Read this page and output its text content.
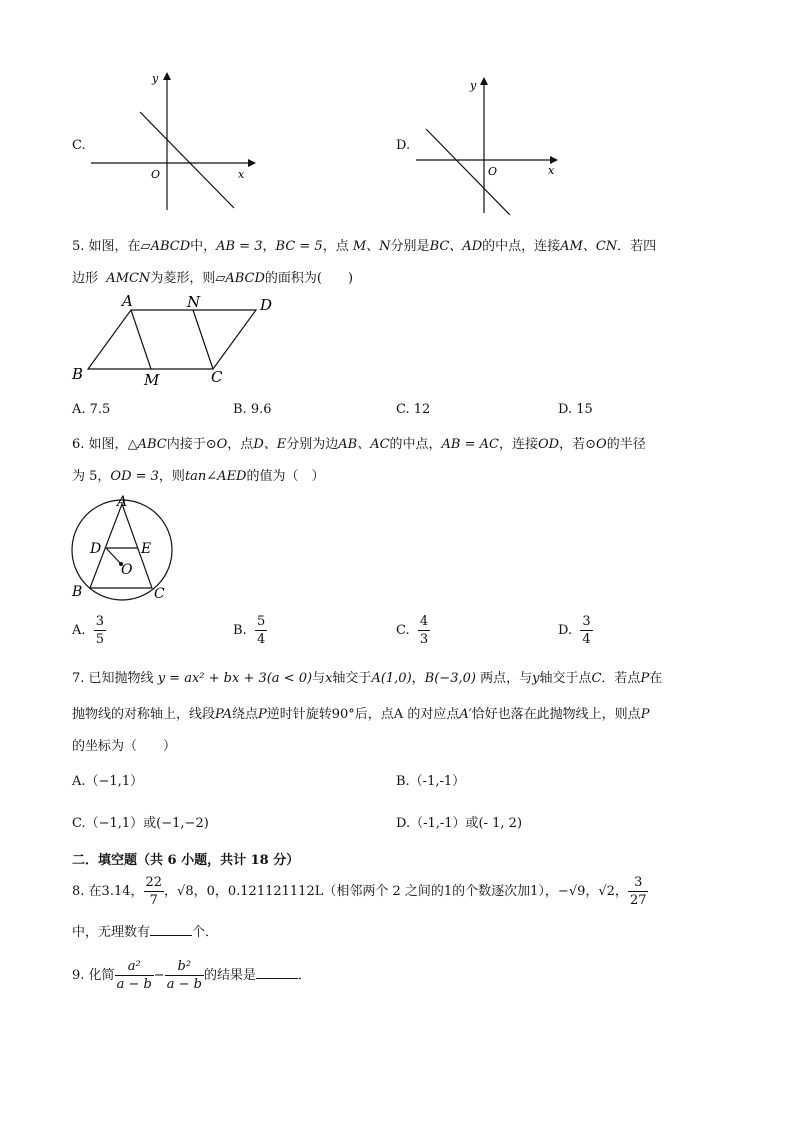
C.
y
x
O
D.
y
x
O
5. 如图，在▱ABCD中，AB = 3，BC = 5，点 M、N分别是BC、AD的中点，连接AM、CN．若四
边形 AMCN为菱形，则▱ABCD的面积为(　　)
A	N	D
B	M	C
A. 7.5	B. 9.6	C. 12	D. 15
6. 如图，△ABC内接于⊙O，点D、E分别为边AB、AC的中点，AB = AC，连接OD，若⊙O的半径
为 5，OD = 3，则tan∠AED的值为（　）
A
D	E
O
B	C
A. $\frac{3}{5}$	B. $\frac{5}{4}$	C. $\frac{4}{3}$	D. $\frac{3}{4}$
7. 已知抛物线 y = ax² + bx + 3(a < 0)与x轴交于A(1,0)，B(−3,0) 两点，与y轴交于点C．若点P在
抛物线的对称轴上，线段PA绕点P逆时针旋转90°后，点A 的对应点A′恰好也落在此抛物线上，则点P
的坐标为（　　）
A.（−1,1）	B.（-1,-1）
C.（−1,1）或(−1,−2)	D.（-1,-1）或(- 1, 2)
二．填空题（共 6 小题，共计 18 分）
8. 在3.14， $\frac{22}{7}$ ，√8，0，0.121121112L（相邻两个 2 之间的1的个数逐次加1），−√9，√2， $\frac{3}{27}$
中，无理数有	个．
9. 化简 $\frac{\text{a²}}{a - b} - \frac{\text{b²}}{a - b}$ 的结果是	．
